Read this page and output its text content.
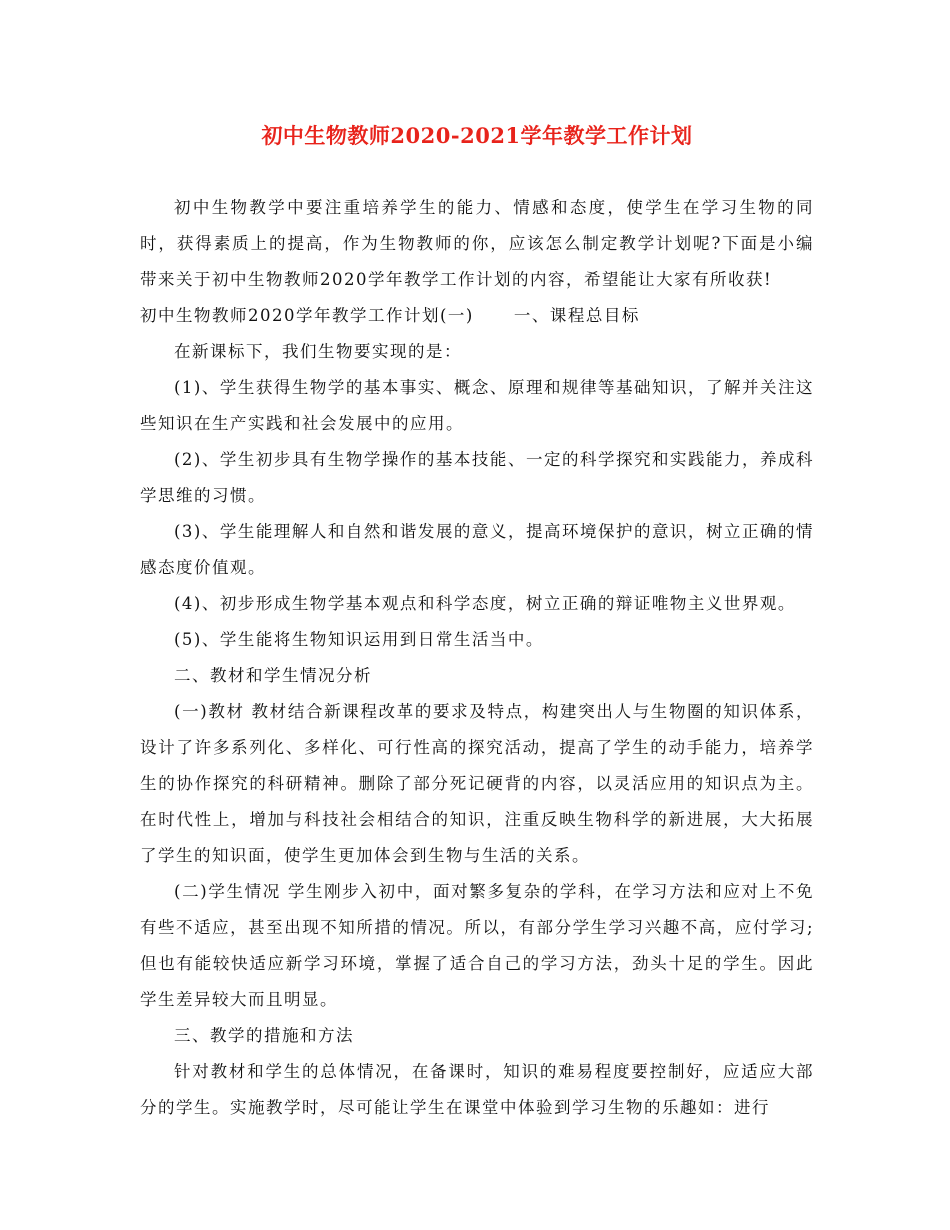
初中生物教师2020-2021学年教学工作计划

初中生物教学中要注重培养学生的能力、情感和态度，使学生在学习生物的同时，获得素质上的提高，作为生物教师的你，应该怎么制定教学计划呢?下面是小编带来关于初中生物教师2020学年教学工作计划的内容，希望能让大家有所收获!

初中生物教师2020学年教学工作计划(一) 一、课程总目标

在新课标下，我们生物要实现的是：

(1)、学生获得生物学的基本事实、概念、原理和规律等基础知识，了解并关注这些知识在生产实践和社会发展中的应用。

(2)、学生初步具有生物学操作的基本技能、一定的科学探究和实践能力，养成科学思维的习惯。

(3)、学生能理解人和自然和谐发展的意义，提高环境保护的意识，树立正确的情感态度价值观。

(4)、初步形成生物学基本观点和科学态度，树立正确的辩证唯物主义世界观。

(5)、学生能将生物知识运用到日常生活当中。

二、教材和学生情况分析

(一)教材 教材结合新课程改革的要求及特点，构建突出人与生物圈的知识体系，设计了许多系列化、多样化、可行性高的探究活动，提高了学生的动手能力，培养学生的协作探究的科研精神。删除了部分死记硬背的内容，以灵活应用的知识点为主。在时代性上，增加与科技社会相结合的知识，注重反映生物科学的新进展，大大拓展了学生的知识面，使学生更加体会到生物与生活的关系。

(二)学生情况 学生刚步入初中，面对繁多复杂的学科，在学习方法和应对上不免有些不适应，甚至出现不知所措的情况。所以，有部分学生学习兴趣不高，应付学习;但也有能较快适应新学习环境，掌握了适合自己的学习方法，劲头十足的学生。因此学生差异较大而且明显。

三、教学的措施和方法

针对教材和学生的总体情况，在备课时，知识的难易程度要控制好，应适应大部分的学生。实施教学时，尽可能让学生在课堂中体验到学习生物的乐趣如：进行
